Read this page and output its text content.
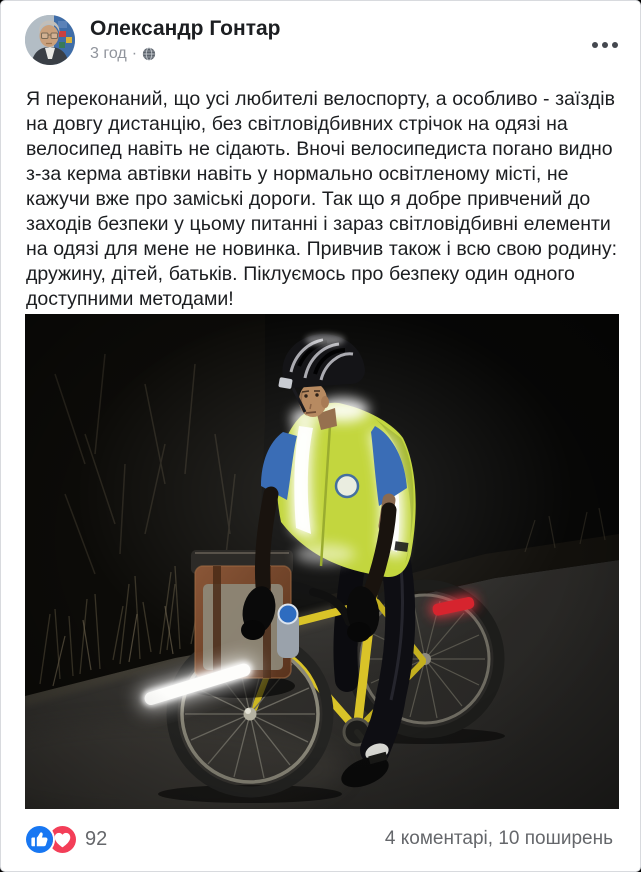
Олександр Гонтар
3 год ·
Я переконаний, що усі любителі велоспорту, а особливо - заїздів на довгу дистанцію, без світловідбивних стрічок на одязі на велосипед навіть не сідають. Вночі велосипедиста погано видно з-за керма автівки навіть у нормально освітленому місті, не кажучи вже про заміські дороги. Так що я добре привчений до заходів безпеки у цьому питанні і зараз світловідбивні елементи на одязі для мене не новинка. Привчив також і всю свою родину: дружину, дітей, батьків. Піклуємось про безпеку один одного доступними методами!
92	4 коментарі, 10 поширень
